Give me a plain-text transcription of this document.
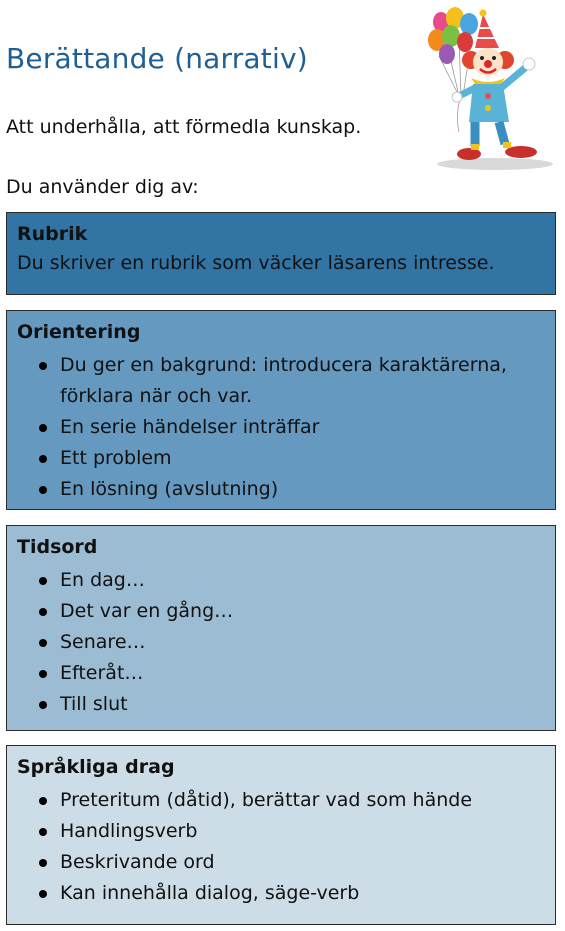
Berättande (narrativ)

Att underhålla, att förmedla kunskap.

Du använder dig av:

Rubrik

Du skriver en rubrik som väcker läsarens intresse.

Orientering
Du ger en bakgrund: introducera karaktärerna, förklara när och var.
En serie händelser inträffar
Ett problem
En lösning (avslutning)
Tidsord
En dag…
Det var en gång…
Senare…
Efteråt…
Till slut
Språkliga drag
Preteritum (dåtid), berättar vad som hände
Handlingsverb
Beskrivande ord
Kan innehålla dialog, säge-verb
